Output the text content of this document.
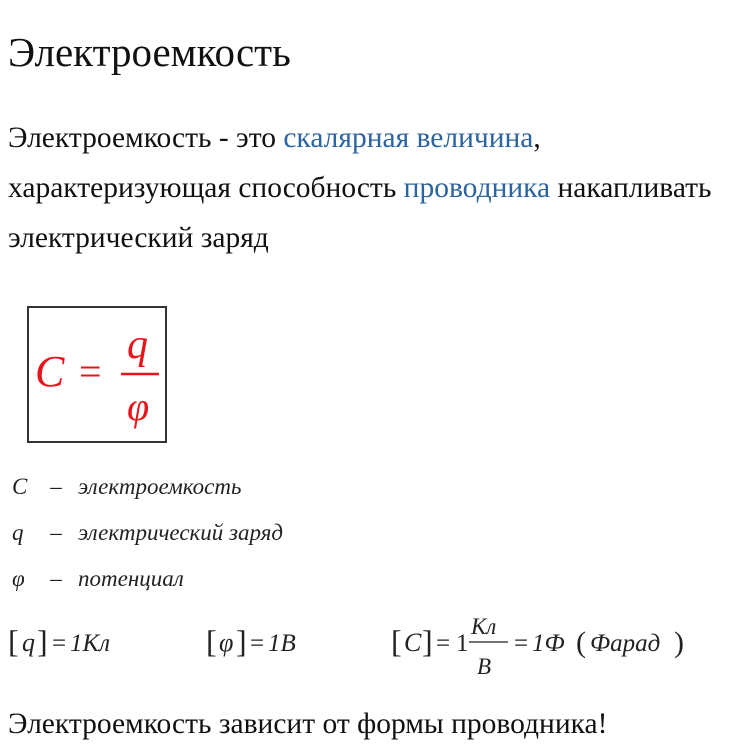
Электроемкость

Электроемкость - это скалярная величина, характеризующая способность проводника накапливать электрический заряд

C =
q
φ
C – электроемкость
q – электрический заряд
φ – потенциал
[ q ] = 1Кл	[ φ ] = 1В	[ C ] = 1
Кл
В
= 1Ф ( Фарад )

Электроемкость зависит от формы проводника!
